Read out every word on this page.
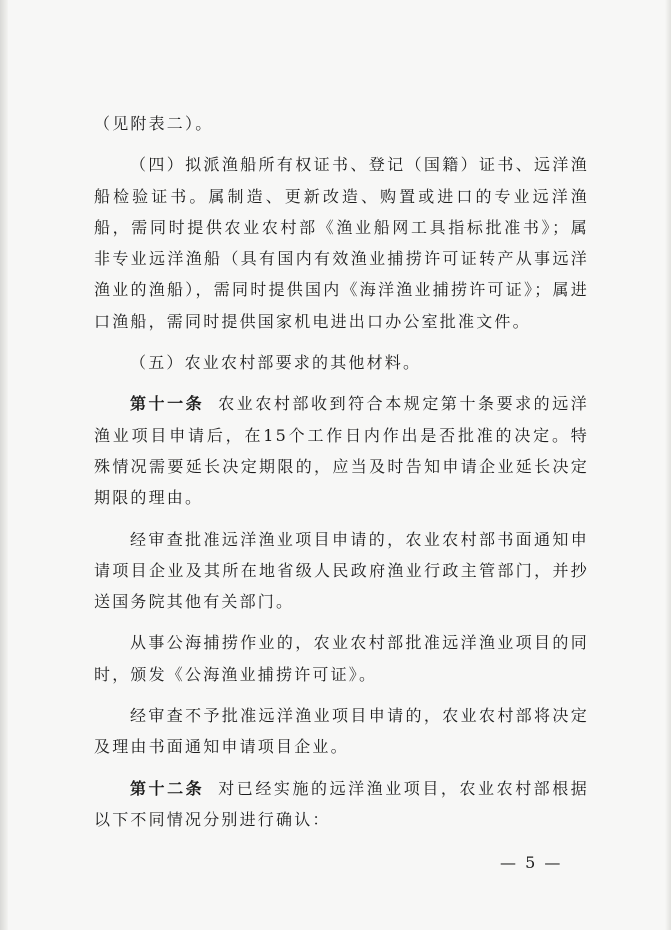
（见附表二）。

（四）拟派渔船所有权证书、登记（国籍）证书、远洋渔船检验证书。属制造、更新改造、购置或进口的专业远洋渔船，需同时提供农业农村部《渔业船网工具指标批准书》；属非专业远洋渔船（具有国内有效渔业捕捞许可证转产从事远洋渔业的渔船），需同时提供国内《海洋渔业捕捞许可证》；属进口渔船，需同时提供国家机电进出口办公室批准文件。

（五）农业农村部要求的其他材料。

第十一条 农业农村部收到符合本规定第十条要求的远洋渔业项目申请后，在15个工作日内作出是否批准的决定。特殊情况需要延长决定期限的，应当及时告知申请企业延长决定期限的理由。

经审查批准远洋渔业项目申请的，农业农村部书面通知申请项目企业及其所在地省级人民政府渔业行政主管部门，并抄送国务院其他有关部门。

从事公海捕捞作业的，农业农村部批准远洋渔业项目的同时，颁发《公海渔业捕捞许可证》。

经审查不予批准远洋渔业项目申请的，农业农村部将决定及理由书面通知申请项目企业。

第十二条 对已经实施的远洋渔业项目，农业农村部根据以下不同情况分别进行确认：

— 5 —
